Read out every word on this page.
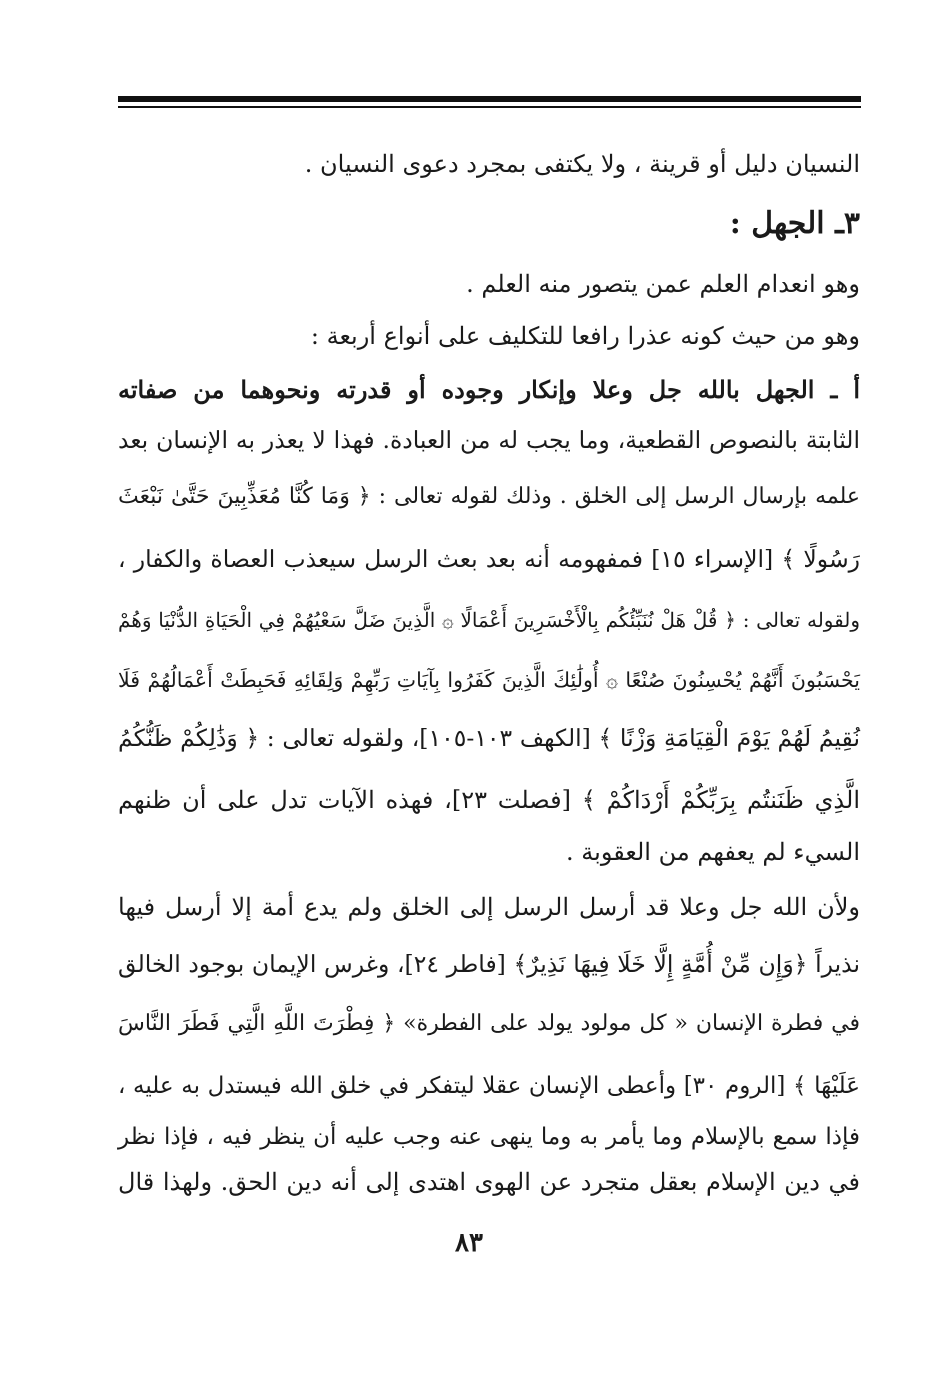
النسيان دليل أو قرينة ، ولا يكتفى بمجرد دعوى النسيان .
٣ـ الجهل :
وهو انعدام العلم عمن يتصور منه العلم .
وهو من حيث كونه عذرا رافعا للتكليف على أنواع أربعة :
أ ـ الجهل بالله جل وعلا وإنكار وجوده أو قدرته ونحوهما من صفاته
الثابتة بالنصوص القطعية، وما يجب له من العبادة. فهذا لا يعذر به الإنسان بعد
علمه بإرسال الرسل إلى الخلق . وذلك لقوله تعالى : ﴿ وَمَا كُنَّا مُعَذِّبِينَ حَتَّىٰ نَبْعَثَ
رَسُولًا ﴾ [الإسراء ١٥] فمفهومه أنه بعد بعث الرسل سيعذب العصاة والكفار ،
ولقوله تعالى : ﴿ قُلْ هَلْ نُنَبِّئُكُم بِالْأَخْسَرِينَ أَعْمَالًا ۞ الَّذِينَ ضَلَّ سَعْيُهُمْ فِي الْحَيَاةِ الدُّنْيَا وَهُمْ
يَحْسَبُونَ أَنَّهُمْ يُحْسِنُونَ صُنْعًا ۞ أُولَٰئِكَ الَّذِينَ كَفَرُوا بِآيَاتِ رَبِّهِمْ وَلِقَائِهِ فَحَبِطَتْ أَعْمَالُهُمْ فَلَا
نُقِيمُ لَهُمْ يَوْمَ الْقِيَامَةِ وَزْنًا ﴾ [الكهف ١٠٣-١٠٥]، ولقوله تعالى : ﴿ وَذَٰلِكُمْ ظَنُّكُمُ
الَّذِي ظَنَنتُم بِرَبِّكُمْ أَرْدَاكُمْ ﴾ [فصلت ٢٣]، فهذه الآيات تدل على أن ظنهم
السيء لم يعفهم من العقوبة .
ولأن الله جل وعلا قد أرسل الرسل إلى الخلق ولم يدع أمة إلا أرسل فيها
نذيراً ﴿وَإِن مِّنْ أُمَّةٍ إِلَّا خَلَا فِيهَا نَذِيرٌ﴾ [فاطر ٢٤]، وغرس الإيمان بوجود الخالق
في فطرة الإنسان « كل مولود يولد على الفطرة» ﴿ فِطْرَتَ اللَّهِ الَّتِي فَطَرَ النَّاسَ
عَلَيْهَا ﴾ [الروم ٣٠] وأعطى الإنسان عقلا ليتفكر في خلق الله فيستدل به عليه ،
فإذا سمع بالإسلام وما يأمر به وما ينهى عنه وجب عليه أن ينظر فيه ، فإذا نظر
في دين الإسلام بعقل متجرد عن الهوى اهتدى إلى أنه دين الحق. ولهذا قال
٨٣
